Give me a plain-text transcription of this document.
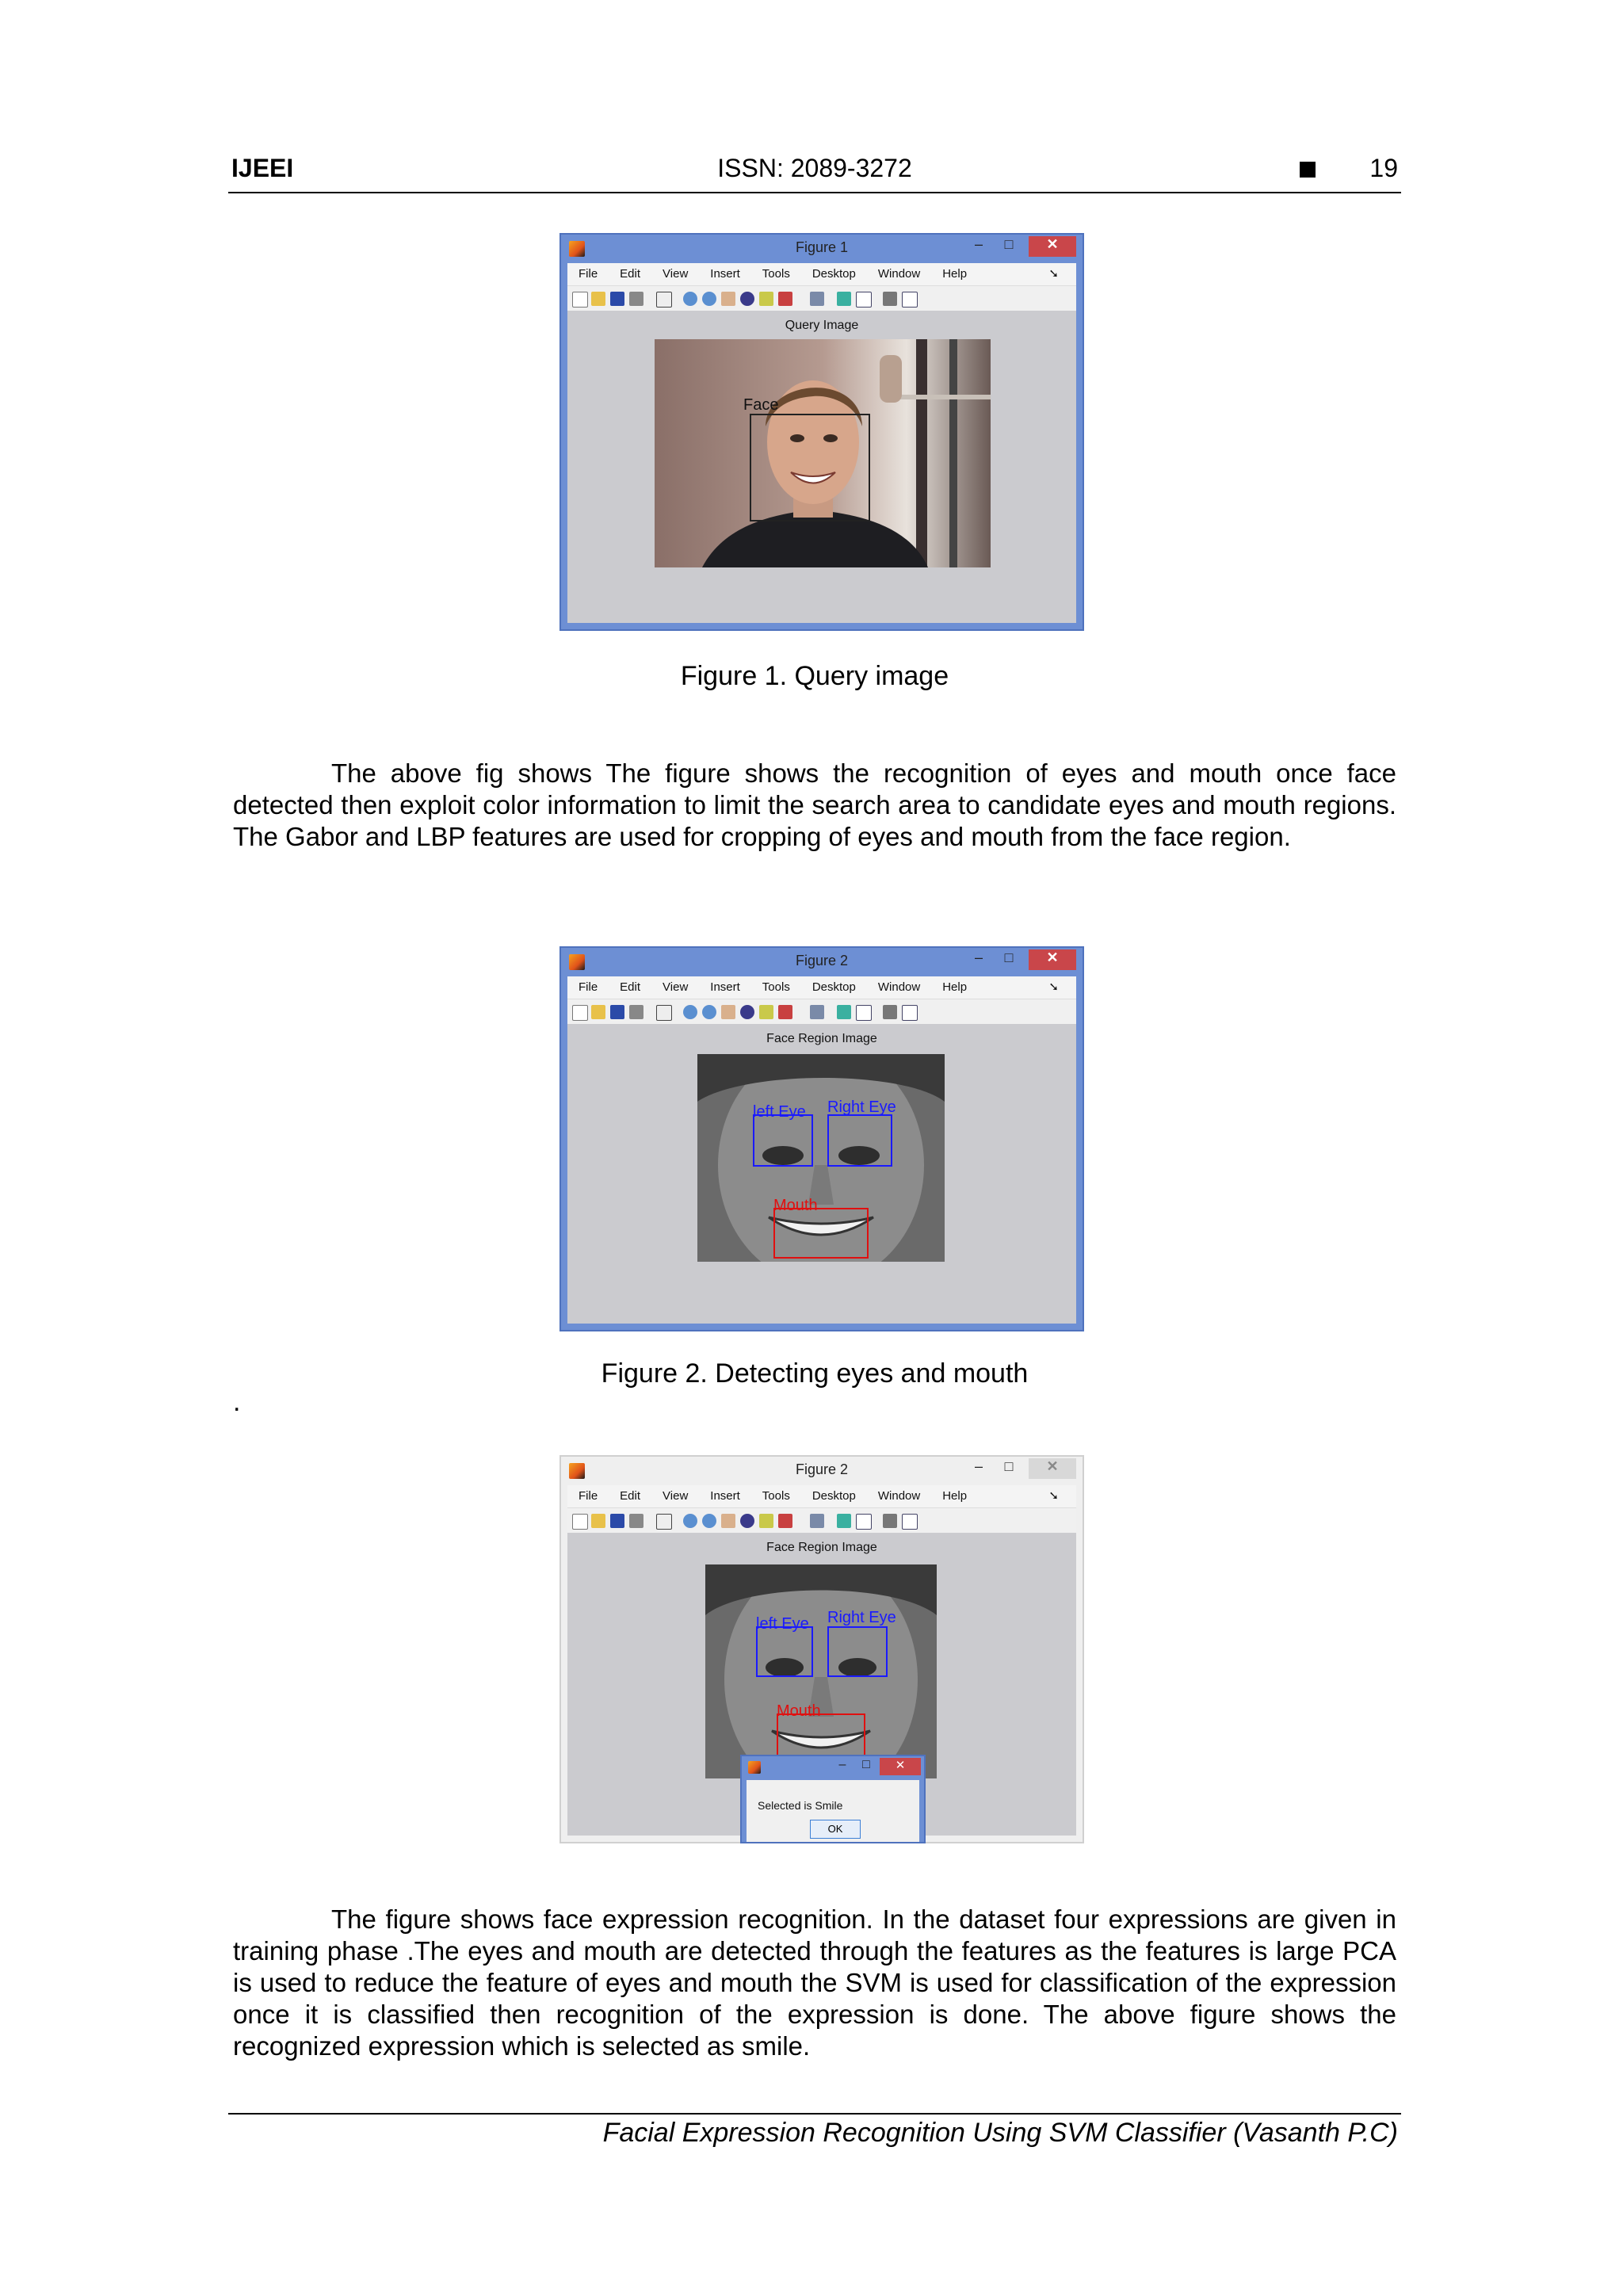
IJEEI	ISSN: 2089-3272	19
Figure 1	–	□	✕
File Edit View Insert Tools Desktop Window Help	➘
Query Image
Face
Figure 1. Query image
The above fig shows The figure shows the recognition of eyes and mouth once face detected then exploit color information to limit the search area to candidate eyes and mouth regions. The Gabor and LBP features are used for cropping of eyes and mouth from the face region.
Figure 2	–	□	✕
File Edit View Insert Tools Desktop Window Help	➘
Face Region Image
left Eye Right Eye
Mouth
Figure 2. Detecting eyes and mouth
.
Figure 2	–	□	✕
File Edit View Insert Tools Desktop Window Help	➘
Face Region Image
left Eye Right Eye
Mouth
–	□	✕
Selected is Smile
OK
The figure shows face expression recognition. In the dataset four expressions are given in training phase .The eyes and mouth are detected through the features as the features is large PCA is used to reduce the feature of eyes and mouth the SVM is used for classification of the expression once it is classified then recognition of the expression is done. The above figure shows the recognized expression which is selected as smile.
Facial Expression Recognition Using SVM Classifier (Vasanth P.C)
